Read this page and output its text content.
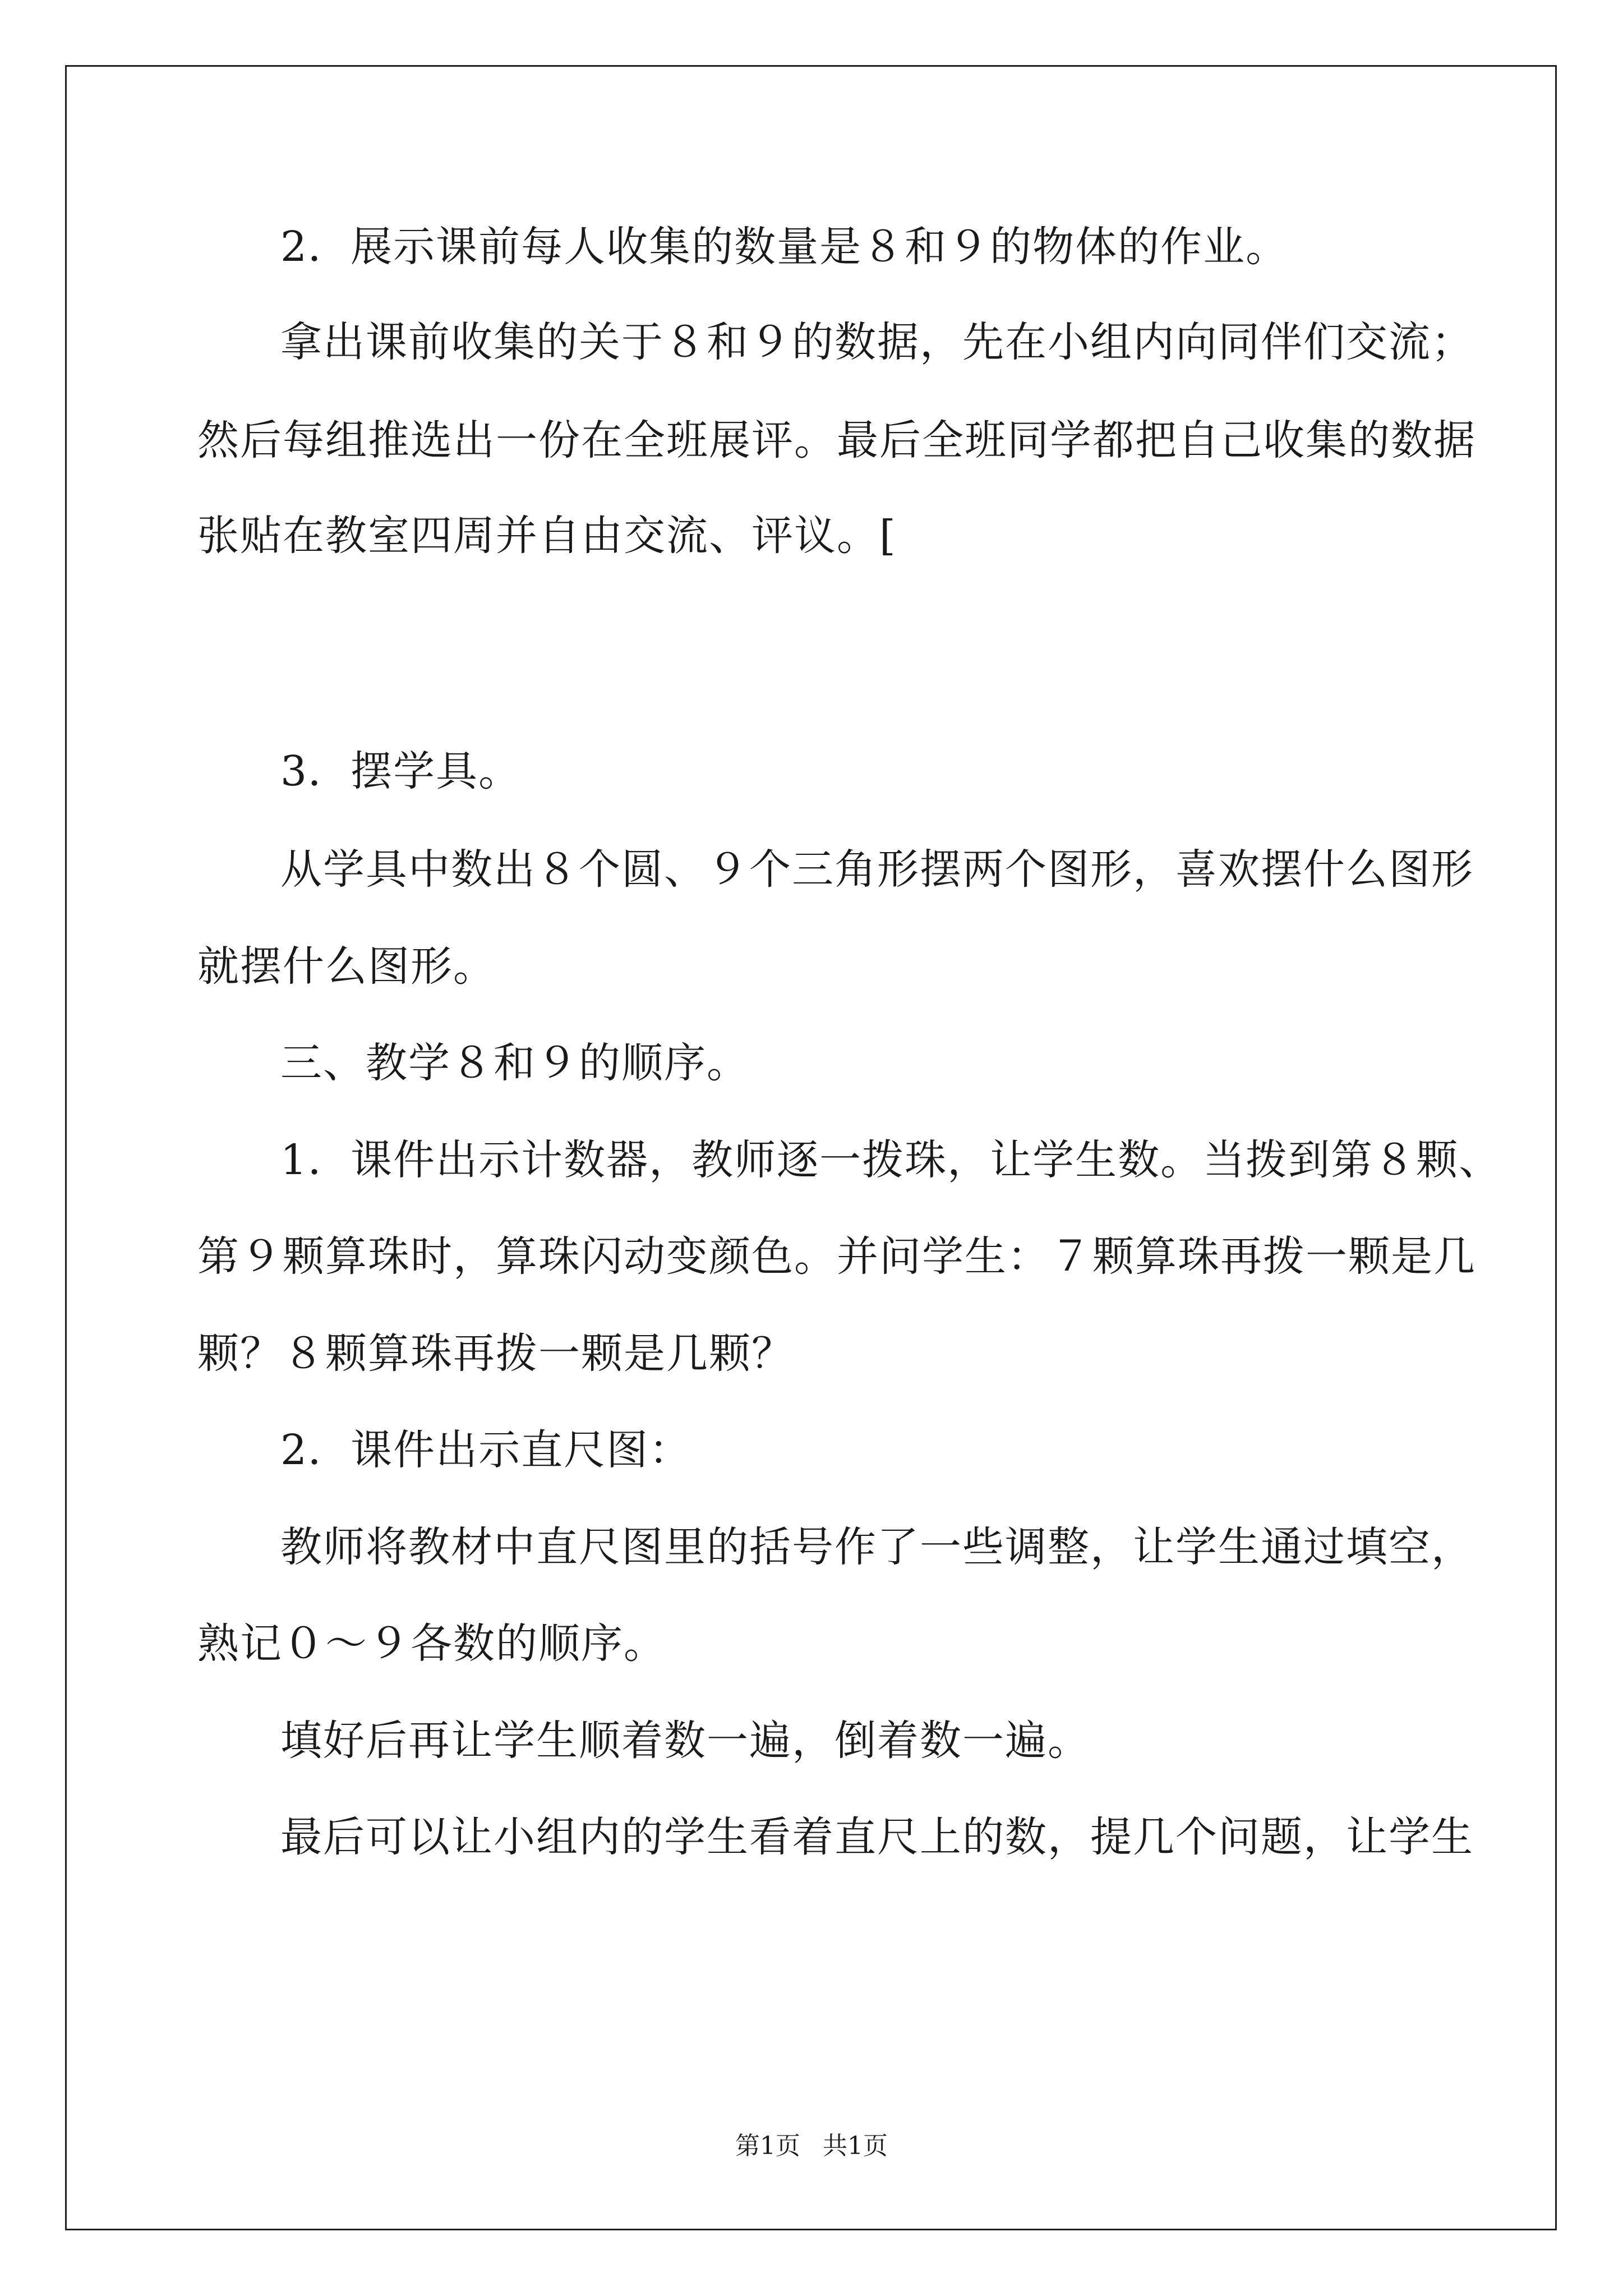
2．展示课前每人收集的数量是８和９的物体的作业。
拿出课前收集的关于８和９的数据，先在小组内向同伴们交流；
然后每组推选出一份在全班展评。最后全班同学都把自己收集的数据
张贴在教室四周并自由交流、评议。[
3．摆学具。
从学具中数出８个圆、９个三角形摆两个图形，喜欢摆什么图形
就摆什么图形。
三、教学８和９的顺序。
1．课件出示计数器，教师逐一拨珠，让学生数。当拨到第８颗、
第９颗算珠时，算珠闪动变颜色。并问学生：７颗算珠再拨一颗是几
颗？８颗算珠再拨一颗是几颗？
2．课件出示直尺图：
教师将教材中直尺图里的括号作了一些调整，让学生通过填空，
熟记０～９各数的顺序。
填好后再让学生顺着数一遍，倒着数一遍。
最后可以让小组内的学生看着直尺上的数，提几个问题，让学生
第1页 共1页
